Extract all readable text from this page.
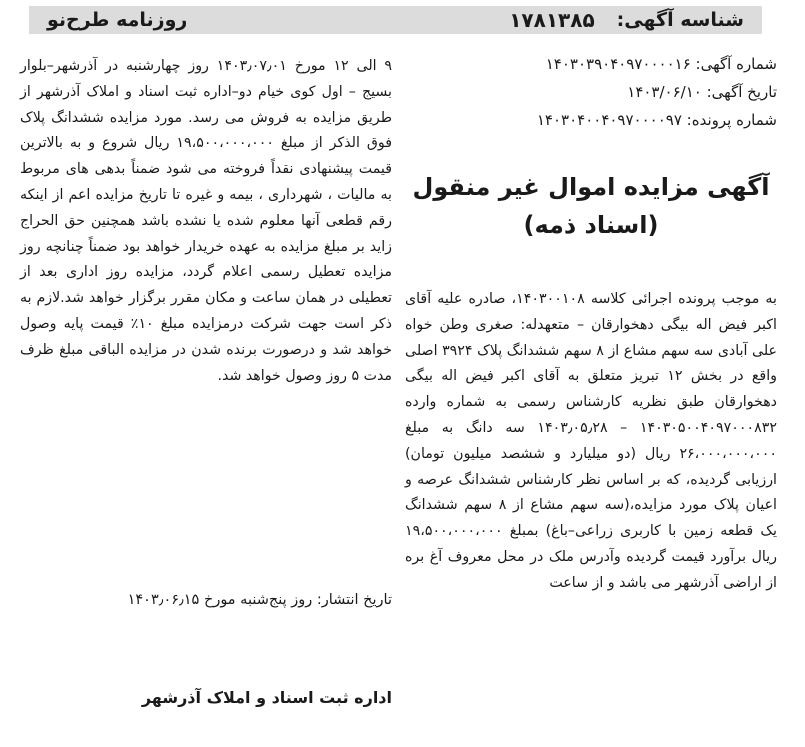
شناسه آگهی:
۱۷۸۱۳۸۵
روزنامه طرح‌نو
شماره آگهی: ۱۴۰۳۰۳۹۰۴۰۹۷۰۰۰۰۱۶
تاریخ آگهی: ۱۴۰۳/۰۶/۱۰
شماره پرونده: ۱۴۰۳۰۴۰۰۴۰۹۷۰۰۰۰۹۷
آگهی مزایده اموال غیر منقول
(اسناد ذمه)
به موجب پرونده اجرائی کلاسه ۱۴۰۳۰۰۱۰۸، صادره علیه آقای اکبر فیض اله بیگی دهخوارقان – متعهدله: صغری وطن خواه علی آبادی سه سهم مشاع از ۸ سهم ششدانگ پلاک ۳۹۲۴ اصلی واقع در بخش ۱۲ تبریز متعلق به آقای اکبر فیض اله بیگی دهخوارقان طبق نظریه کارشناس رسمی به شماره وارده ۱۴۰۳۰۵۰۰۴۰۹۷۰۰۰۸۳۲ – ۱۴۰۳٫۰۵٫۲۸ سه دانگ به مبلغ ۲۶،۰۰۰،۰۰۰،۰۰۰ ریال (دو میلیارد و ششصد میلیون تومان) ارزیابی گردیده، که بر اساس نظر کارشناس ششدانگ عرصه و اعیان پلاک مورد مزایده،(سه سهم مشاع از ۸ سهم ششدانگ یک قطعه زمین با کاربری زراعی–باغ) بمبلغ ۱۹،۵۰۰،۰۰۰،۰۰۰ ریال برآورد قیمت گردیده وآدرس ملک در محل معروف آغ بره از اراضی آذرشهر می باشد و از ساعت
۹ الی ۱۲ مورخ ۱۴۰۳٫۰۷٫۰۱ روز چهارشنبه در آذرشهر–بلوار بسیج – اول کوی خیام دو–اداره ثبت اسناد و املاک آذرشهر از طریق مزایده به فروش می رسد. مورد مزایده ششدانگ پلاک فوق الذکر از مبلغ ۱۹،۵۰۰،۰۰۰،۰۰۰ ریال شروع و به بالاترین قیمت پیشنهادی نقداً فروخته می شود ضمناً بدهی های مربوط به مالیات ، شهرداری ، بیمه و غیره تا تاریخ مزایده اعم از اینکه رقم قطعی آنها معلوم شده یا نشده باشد همچنین حق الحراج زاید بر مبلغ مزایده به عهده خریدار خواهد بود ضمناً چنانچه روز مزایده تعطیل رسمی اعلام گردد، مزایده روز اداری بعد از تعطیلی در همان ساعت و مکان مقرر برگزار خواهد شد.لازم به ذکر است جهت شرکت درمزایده مبلغ ۱۰٪ قیمت پایه وصول خواهد شد و درصورت برنده شدن در مزایده الباقی مبلغ ظرف مدت ۵ روز وصول خواهد شد.
تاریخ انتشار: روز پنج‌شنبه مورخ ۱۴۰۳٫۰۶٫۱۵
اداره ثبت اسناد و املاک آذرشهر
